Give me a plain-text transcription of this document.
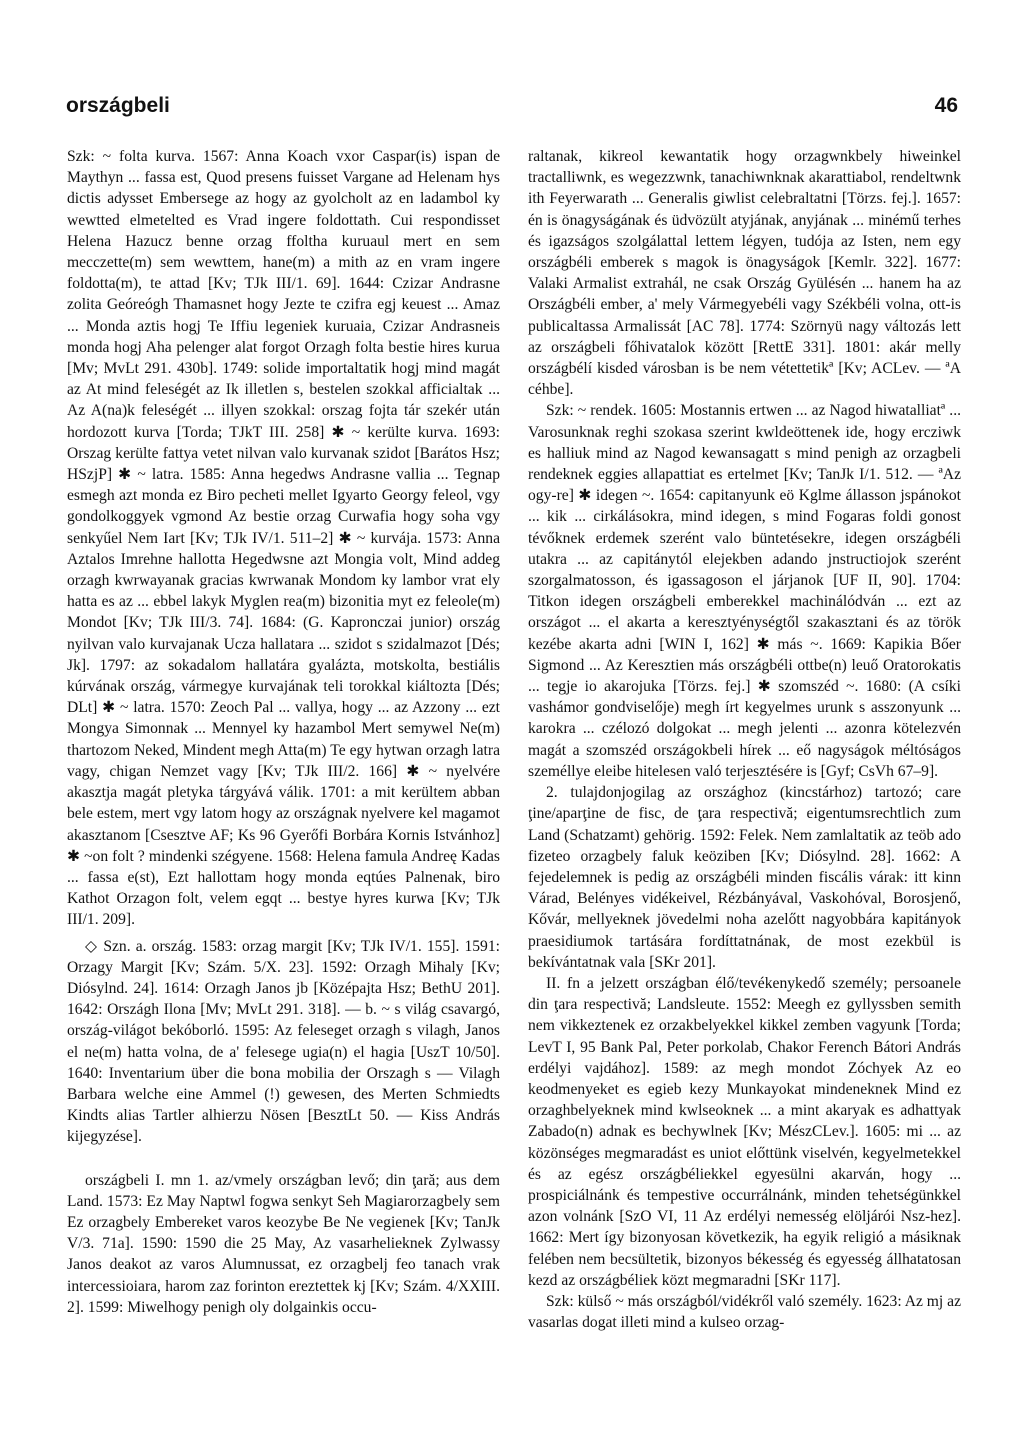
országbeli	46

Szk: ~ folta kurva. 1567: Anna Koach vxor Caspar(is) ispan de Maythyn ... fassa est, Quod presens fuisset Vargane ad Helenam hys dictis adysset Embersege az hogy az gyolcholt az en ladambol ky wewtted elmetelted es Vrad ingere foldottath. Cui respondisset Helena Hazucz benne orzag ffoltha kuruaul mert en sem mecczette(m) sem wewttem, hane(m) a mith az en vram ingere foldotta(m), te attad [Kv; TJk III/1. 69]. 1644: Czizar Andrasne zolita Geóreógh Thamasnet hogy Jezte te czifra egj keuest ... Amaz ... Monda aztis hogj Te Iffiu legeniek kuruaia, Czizar Andrasneis monda hogj Aha pelenger alat forgot Orzagh folta bestie hires kurua [Mv; MvLt 291. 430b]. 1749: solide importaltatik hogj mind magát az At mind feleségét az Ik illetlen s, bestelen szokkal afficialtak ... Az A(na)k feleségét ... illyen szokkal: orszag fojta tár szekér után hordozott kurva [Torda; TJkT III. 258] ✱ ~ kerülte kurva. 1693: Orszag kerülte fattya vetet nilvan valo kurvanak szidot [Barátos Hsz; HSzjP] ✱ ~ latra. 1585: Anna hegedws Andrasne vallia ... Tegnap esmegh azt monda ez Biro pecheti mellet Igyarto Georgy feleol, vgy gondolkoggyek vgmond Az bestie orzag Curwafia hogy soha vgy senkyűel Nem Iart [Kv; TJk IV/1. 511–2] ✱ ~ kurvája. 1573: Anna Aztalos Imrehne hallotta Hegedwsne azt Mongia volt, Mind addeg orzagh kwrwayanak gracias kwrwanak Mondom ky lambor vrat ely hatta es az ... ebbel lakyk Myglen rea(m) bizonitia myt ez feleole(m) Mondot [Kv; TJk III/3. 74]. 1684: (G. Kapronczai junior) ország nyilvan valo kurvajanak Ucza hallatara ... szidot s szidalmazot [Dés; Jk]. 1797: az sokadalom hallatára gyalázta, motskolta, bestiális kúrvának ország, vármegye kurvajának teli torokkal kiáltozta [Dés; DLt] ✱ ~ latra. 1570: Zeoch Pal ... vallya, hogy ... az Azzony ... ezt Mongya Simonnak ... Mennyel ky hazambol Mert semywel Ne(m) thartozom Neked, Mindent megh Atta(m) Te egy hytwan orzagh latra vagy, chigan Nemzet vagy [Kv; TJk III/2. 166] ✱ ~ nyelvére akasztja magát pletyka tárgyává válik. 1701: a mit kerültem abban bele estem, mert vgy latom hogy az országnak nyelvere kel magamot akasztanom [Csesztve AF; Ks 96 Gyerőfi Borbára Kornis Istvánhoz] ✱ ~on folt ? mindenki szégyene. 1568: Helena famula Andreę Kadas ... fassa e(st), Ezt hallottam hogy monda eqtúes Palnenak, biro Kathot Orzagon folt, velem egqt ... bestye hyres kurwa [Kv; TJk III/1. 209].

◇ Szn. a. ország. 1583: orzag margit [Kv; TJk IV/1. 155]. 1591: Orzagy Margit [Kv; Szám. 5/X. 23]. 1592: Orzagh Mihaly [Kv; Diósylnd. 24]. 1614: Orzagh Janos jb [Középajta Hsz; BethU 201]. 1642: Országh Ilona [Mv; MvLt 291. 318]. — b. ~ s világ csavargó, ország-világot bekóborló. 1595: Az feleseget orzagh s vilagh, Janos el ne(m) hatta volna, de a' felesege ugia(n) el hagia [UszT 10/50]. 1640: Inventarium über die bona mobilia der Orszagh s — Vilagh Barbara welche eine Ammel (!) gewesen, des Merten Schmiedts Kindts alias Tartler alhierzu Nösen [BesztLt 50. — Kiss András kijegyzése].

országbeli I. mn 1. az/vmely országban levő; din ţară; aus dem Land. 1573: Ez May Naptwl fogwa senkyt Seh Magiarorzagbely sem Ez orzagbely Embereket varos keozybe Be Ne vegienek [Kv; TanJk V/3. 71a]. 1590: 1590 die 25 May, Az vasarhelieknek Zylwassy Janos deakot az varos Alumnussat, ez orzagbelj feo tanach vrak intercessioiara, harom zaz forinton ereztettek kj [Kv; Szám. 4/XXIII. 2]. 1599: Miwelhogy penigh oly dolgainkis occu-

raltanak, kikreol kewantatik hogy orzagwnkbely hiweinkel tractalliwnk, es wegezzwnk, tanachiwnknak akarattiabol, rendeltwnk ith Feyerwarath ... Generalis giwlist celebraltatni [Törzs. fej.]. 1657: én is önagyságának és üdvözült atyjának, anyjának ... minémű terhes és igazságos szolgálattal lettem légyen, tudója az Isten, nem egy országbéli emberek s magok is önagyságok [Kemlr. 322]. 1677: Valaki Armalist extrahál, ne csak Ország Gyülésén ... hanem ha az Országbéli ember, a' mely Vármegyebéli vagy Székbéli volna, ott-is publicaltassa Armalissát [AC 78]. 1774: Szörnyü nagy változás lett az országbeli főhivatalok között [RettE 331]. 1801: akár melly országbélí kisded városban is be nem vétettetikª [Kv; ACLev. — ªA céhbe].

Szk: ~ rendek. 1605: Mostannis ertwen ... az Nagod hiwatalliatª ... Varosunknak reghi szokasa szerint kwldeöttenek ide, hogy ercziwk es halliuk mind az Nagod kewansagatt s mind penigh az orzagbeli rendeknek eggies allapattiat es ertelmet [Kv; TanJk I/1. 512. — ªAz ogy-re] ✱ idegen ~. 1654: capitanyunk eö Kglme állasson jspánokot ... kik ... cirkálásokra, mind idegen, s mind Fogaras foldi gonost tévőknek erdemek szerént valo büntetésekre, idegen országbéli utakra ... az capitánytól elejekben adando jnstructiojok szerént szorgalmatosson, és igassagoson el járjanok [UF II, 90]. 1704: Titkon idegen országbeli emberekkel machinálódván ... ezt az országot ... el akarta a keresztyénységtől szakasztani és az török kezébe akarta adni [WIN I, 162] ✱ más ~. 1669: Kapikia Bőer Sigmond ... Az Keresztien más országbéli ottbe(n) leuő Oratorokatis ... tegje io akarojuka [Törzs. fej.] ✱ szomszéd ~. 1680: (A csíki vashámor gondviselője) megh írt kegyelmes urunk s asszonyunk ... karokra ... czélozó dolgokat ... megh jelenti ... azonra kötelezvén magát a szomszéd országokbeli hírek ... eő nagyságok méltóságos személlye eleibe hitelesen való terjesztésére is [Gyf; CsVh 67–9].

2. tulajdonjogilag az országhoz (kincstárhoz) tartozó; care ţine/aparţine de fisc, de ţara respectivă; eigentumsrechtlich zum Land (Schatzamt) gehörig. 1592: Felek. Nem zamlaltatik az teöb ado fizeteo orzagbely faluk keöziben [Kv; Diósylnd. 28]. 1662: A fejedelemnek is pedig az országbéli minden fiscális várak: itt kinn Várad, Belényes vidékeivel, Rézbányával, Vaskohóval, Borosjenő, Kővár, mellyeknek jövedelmi noha azelőtt nagyobbára kapitányok praesidiumok tartására fordíttatnának, de most ezekbül is bekívántatnak vala [SKr 201].

II. fn a jelzett országban élő/tevékenykedő személy; persoanele din ţara respectivă; Landsleute. 1552: Meegh ez gyllyssben semith nem vikkeztenek ez orzakbelyekkel kikkel zemben vagyunk [Torda; LevT I, 95 Bank Pal, Peter porkolab, Chakor Ferench Bátori András erdélyi vajdához]. 1589: az megh mondot Zóchyek Az eo keodmenyeket es egieb kezy Munkayokat mindeneknek Mind ez orzaghbelyeknek mind kwlseoknek ... a mint akaryak es adhattyak Zabado(n) adnak es bechywlnek [Kv; MészCLev.]. 1605: mi ... az közönséges megmaradást es uniot előttünk viselvén, kegyelmetekkel és az egész országbéliekkel egyesülni akarván, hogy ... prospiciálnánk és tempestive occurrálnánk, minden tehetségünkkel azon volnánk [SzO VI, 11 Az erdélyi nemesség elöljárói Nsz-hez]. 1662: Mert így bizonyosan következik, ha egyik religió a másiknak felében nem becsültetik, bizonyos békesség és egyesség állhatatosan kezd az országbéliek közt megmaradni [SKr 117].

Szk: külső ~ más országból/vidékről való személy. 1623: Az mj az vasarlas dogat illeti mind a kulseo orzag-
